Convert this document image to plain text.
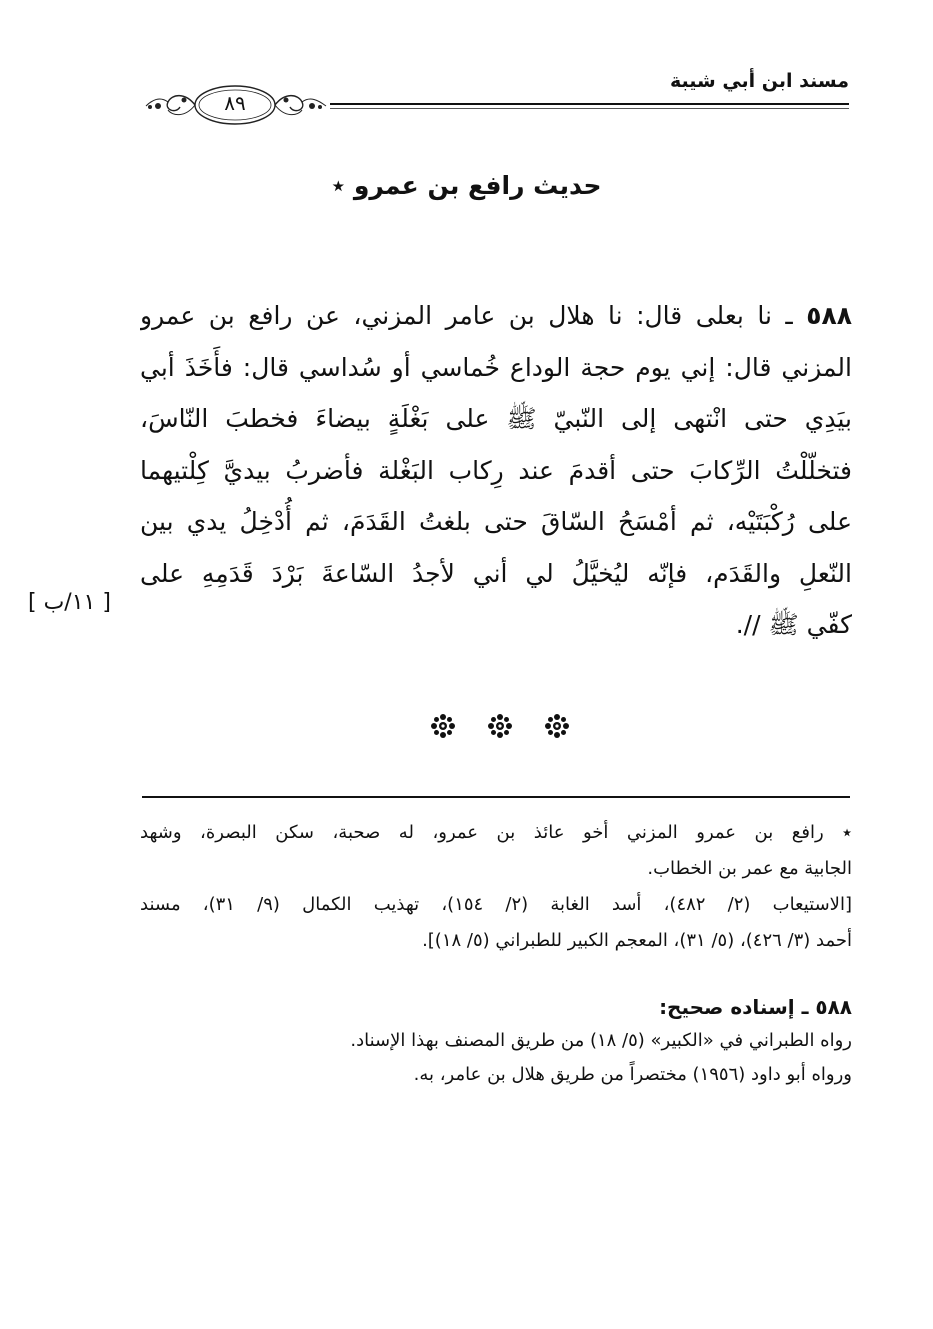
مسند ابن أبي شيبة
٨٩
حديث رافع بن عمرو ٭
٥٨٨ ـ نا بعلى قال: نا هلال بن عامر المزني، عن رافع بن عمرو
المزني قال: إني يوم حجة الوداع خُماسي أو سُداسي قال: فأَخَذَ أبي
بيَدِي حتى انْتهى إلى النّبيّ ﷺ على بَغْلَةٍ بيضاءَ فخطبَ النّاسَ،
فتخلّلْتُ الرِّكابَ حتى أقدمَ عند رِكاب البَغْلة فأضربُ بيديَّ كِلْتيهما
على رُكْبَتَيْه، ثم أمْسَحُ السّاقَ حتى بلغتُ القَدَمَ، ثم أُدْخِلُ يدي بين
النّعلِ والقَدَم، فإنّه ليُخيَّلُ لي أني لأجدُ السّاعةَ بَرْدَ قَدَمِهِ على
كفّي ﷺ //.
[ ١١/ب ]
٭ رافع بن عمرو المزني أخو عائذ بن عمرو، له صحبة، سكن البصرة، وشهد
الجابية مع عمر بن الخطاب.
[الاستيعاب (٢/ ٤٨٢)، أسد الغابة (٢/ ١٥٤)، تهذيب الكمال (٩/ ٣١)، مسند
أحمد (٣/ ٤٢٦)، (٥/ ٣١)، المعجم الكبير للطبراني (٥/ ١٨)].
٥٨٨ ـ إسناده صحيح:
رواه الطبراني في «الكبير» (٥/ ١٨) من طريق المصنف بهذا الإسناد.
ورواه أبو داود (١٩٥٦) مختصراً من طريق هلال بن عامر، به.
